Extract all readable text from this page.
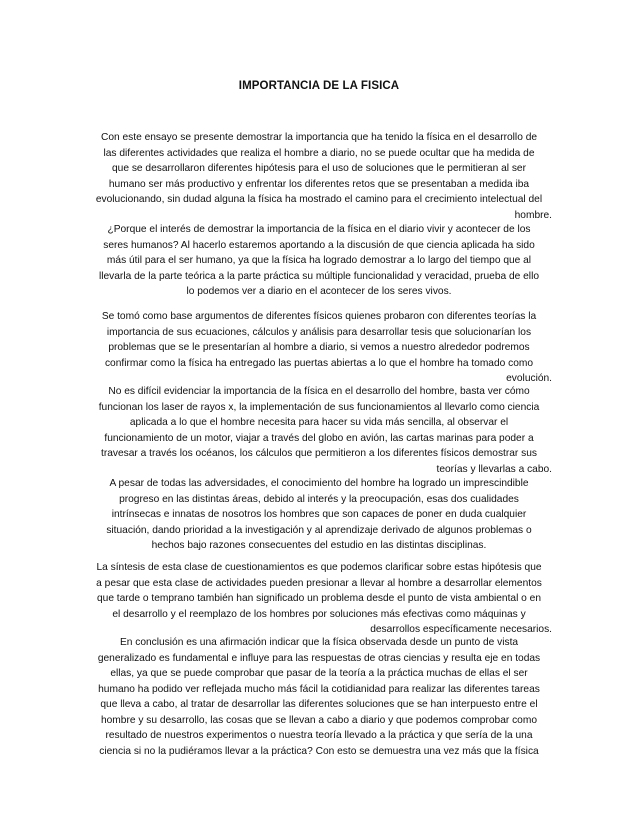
IMPORTANCIA DE LA FISICA
Con este ensayo se presente demostrar la importancia que ha tenido la física en el desarrollo de
las diferentes actividades que realiza el hombre a diario, no se puede ocultar que ha medida de
que se desarrollaron diferentes hipótesis para el uso de soluciones que le permitieran al ser
humano ser más productivo y enfrentar los diferentes retos que se presentaban a medida iba
evolucionando, sin dudad alguna la física ha mostrado el camino para el crecimiento intelectual del
hombre.
¿Porque el interés de demostrar la importancia de la física en el diario vivir y acontecer de los
seres humanos? Al hacerlo estaremos aportando a la discusión de que ciencia aplicada ha sido
más útil para el ser humano, ya que la física ha logrado demostrar a lo largo del tiempo que al
llevarla de la parte teórica a la parte práctica su múltiple funcionalidad y veracidad, prueba de ello
lo podemos ver a diario en el acontecer de los seres vivos.
Se tomó como base argumentos de diferentes físicos quienes probaron con diferentes teorías la
importancia de sus ecuaciones, cálculos y análisis para desarrollar tesis que solucionarían los
problemas que se le presentarían al hombre a diario, si vemos a nuestro alrededor podremos
confirmar como la física ha entregado las puertas abiertas a lo que el hombre ha tomado como
evolución.
No es difícil evidenciar la importancia de la física en el desarrollo del hombre, basta ver cómo
funcionan los laser de rayos x, la implementación de sus funcionamientos al llevarlo como ciencia
aplicada a lo que el hombre necesita para hacer su vida más sencilla, al observar el
funcionamiento de un motor, viajar a través del globo en avión, las cartas marinas para poder a
travesar a través los océanos, los cálculos que permitieron a los diferentes físicos demostrar sus
teorías y llevarlas a cabo.
A pesar de todas las adversidades, el conocimiento del hombre ha logrado un imprescindible
progreso en las distintas áreas, debido al interés y la preocupación, esas dos cualidades
intrínsecas e innatas de nosotros los hombres que son capaces de poner en duda cualquier
situación, dando prioridad a la investigación y al aprendizaje derivado de algunos problemas o
hechos bajo razones consecuentes del estudio en las distintas disciplinas.
La síntesis de esta clase de cuestionamientos es que podemos clarificar sobre estas hipótesis que
a pesar que esta clase de actividades pueden presionar a llevar al hombre a desarrollar elementos
que tarde o temprano también han significado un problema desde el punto de vista ambiental o en
el desarrollo y el reemplazo de los hombres por soluciones más efectivas como máquinas y
desarrollos específicamente necesarios.
En conclusión es una afirmación indicar que la física observada desde un punto de vista
generalizado es fundamental e influye para las respuestas de otras ciencias y resulta eje en todas
ellas, ya que se puede comprobar que pasar de la teoría a la práctica muchas de ellas el ser
humano ha podido ver reflejada mucho más fácil la cotidianidad para realizar las diferentes tareas
que lleva a cabo, al tratar de desarrollar las diferentes soluciones que se han interpuesto entre el
hombre y su desarrollo, las cosas que se llevan a cabo a diario y que podemos comprobar como
resultado de nuestros experimentos o nuestra teoría llevado a la práctica y que sería de la una
ciencia si no la pudiéramos llevar a la práctica? Con esto se demuestra una vez más que la física
